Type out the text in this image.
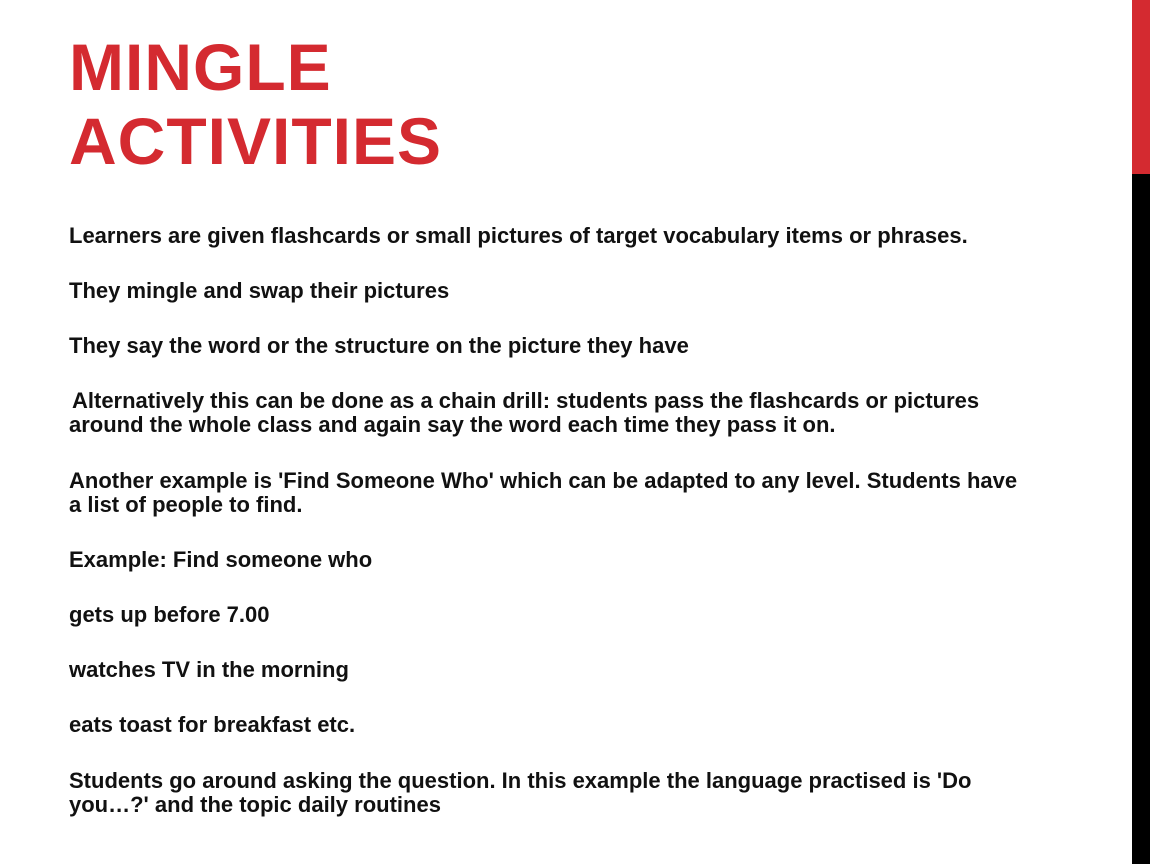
MINGLE
ACTIVITIES
Learners are given flashcards or small pictures of target vocabulary items or phrases.
They mingle and swap their pictures
They say the word or the structure on the picture they have
Alternatively this can be done as a chain drill: students pass the flashcards or pictures around the whole class and again say the word each time they pass it on.
Another example is 'Find Someone Who' which can be adapted to any level. Students have a list of people to find.
Example: Find someone who
gets up before 7.00
watches TV in the morning
eats toast for breakfast etc.
Students go around asking the question. In this example the language practised is 'Do you…?' and the topic daily routines
